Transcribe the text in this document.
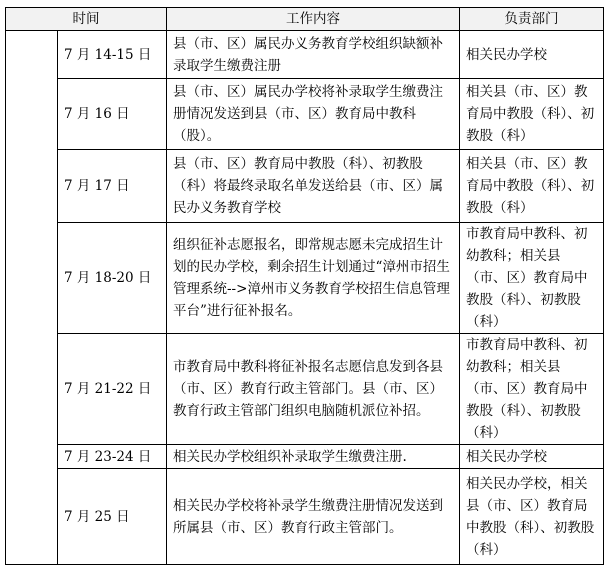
时间		工作内容	负责部门
	7 月 14-15 日	县（市、区）属民办义务教育学校组织缺额补录取学生缴费注册	相关民办学校
	7 月 16 日	县（市、区）属民办学校将补录取学生缴费注册情况发送到县（市、区）教育局中教科（股）。	相关县（市、区）教育局中教股（科）、初教股（科）
	7 月 17 日	县（市、区）教育局中教股（科）、初教股（科）将最终录取名单发送给县（市、区）属民办义务教育学校	相关县（市、区）教育局中教股（科）、初教股（科）
	7 月 18-20 日	组织征补志愿报名，即常规志愿未完成招生计划的民办学校，剩余招生计划通过“漳州市招生管理系统-->漳州市义务教育学校招生信息管理平台”进行征补报名。	市教育局中教科、初幼教科；相关县（市、区）教育局中教股（科）、初教股（科）
	7 月 21-22 日	市教育局中教科将征补报名志愿信息发到各县（市、区）教育行政主管部门。县（市、区）教育行政主管部门组织电脑随机派位补招。	市教育局中教科、初幼教科；相关县（市、区）教育局中教股（科）、初教股（科）
	7 月 23-24 日	相关民办学校组织补录取学生缴费注册.	相关民办学校
	7 月 25 日	相关民办学校将补录学生缴费注册情况发送到所属县（市、区）教育行政主管部门。	相关民办学校，相关县（市、区）教育局中教股（科）、初教股（科）
